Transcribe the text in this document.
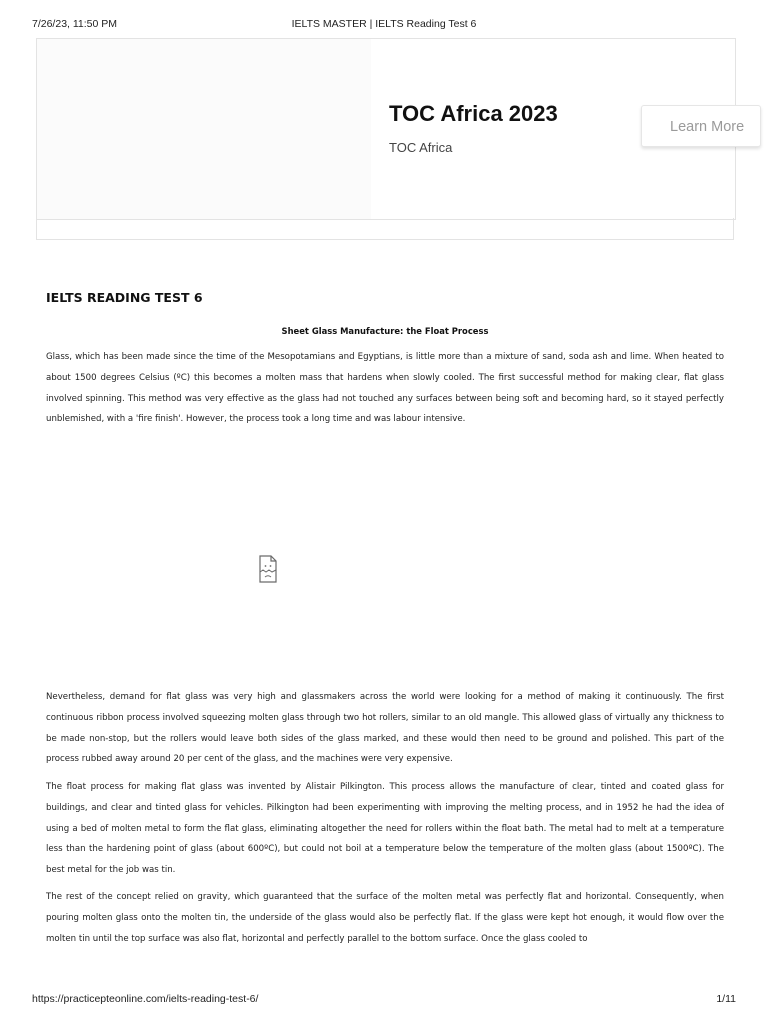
7/26/23, 11:50 PM	IELTS MASTER | IELTS Reading Test 6
TOC Africa 2023
TOC Africa
Learn More
IELTS READING TEST 6
Sheet Glass Manufacture: the Float Process

Glass, which has been made since the time of the Mesopotamians and Egyptians, is little more than a mixture of sand, soda ash and lime. When heated to about 1500 degrees Celsius (ºC) this becomes a molten mass that hardens when slowly cooled. The first successful method for making clear, flat glass involved spinning. This method was very effective as the glass had not touched any surfaces between being soft and becoming hard, so it stayed perfectly unblemished, with a 'fire finish'. However, the process took a long time and was labour intensive.

Nevertheless, demand for flat glass was very high and glassmakers across the world were looking for a method of making it continuously. The first continuous ribbon process involved squeezing molten glass through two hot rollers, similar to an old mangle. This allowed glass of virtually any thickness to be made non-stop, but the rollers would leave both sides of the glass marked, and these would then need to be ground and polished. This part of the process rubbed away around 20 per cent of the glass, and the machines were very expensive.

The float process for making flat glass was invented by Alistair Pilkington. This process allows the manufacture of clear, tinted and coated glass for buildings, and clear and tinted glass for vehicles. Pilkington had been experimenting with improving the melting process, and in 1952 he had the idea of using a bed of molten metal to form the flat glass, eliminating altogether the need for rollers within the float bath. The metal had to melt at a temperature less than the hardening point of glass (about 600ºC), but could not boil at a temperature below the temperature of the molten glass (about 1500ºC). The best metal for the job was tin.

The rest of the concept relied on gravity, which guaranteed that the surface of the molten metal was perfectly flat and horizontal. Consequently, when pouring molten glass onto the molten tin, the underside of the glass would also be perfectly flat. If the glass were kept hot enough, it would flow over the molten tin until the top surface was also flat, horizontal and perfectly parallel to the bottom surface. Once the glass cooled to

https://practicepteonline.com/ielts-reading-test-6/	1/11
